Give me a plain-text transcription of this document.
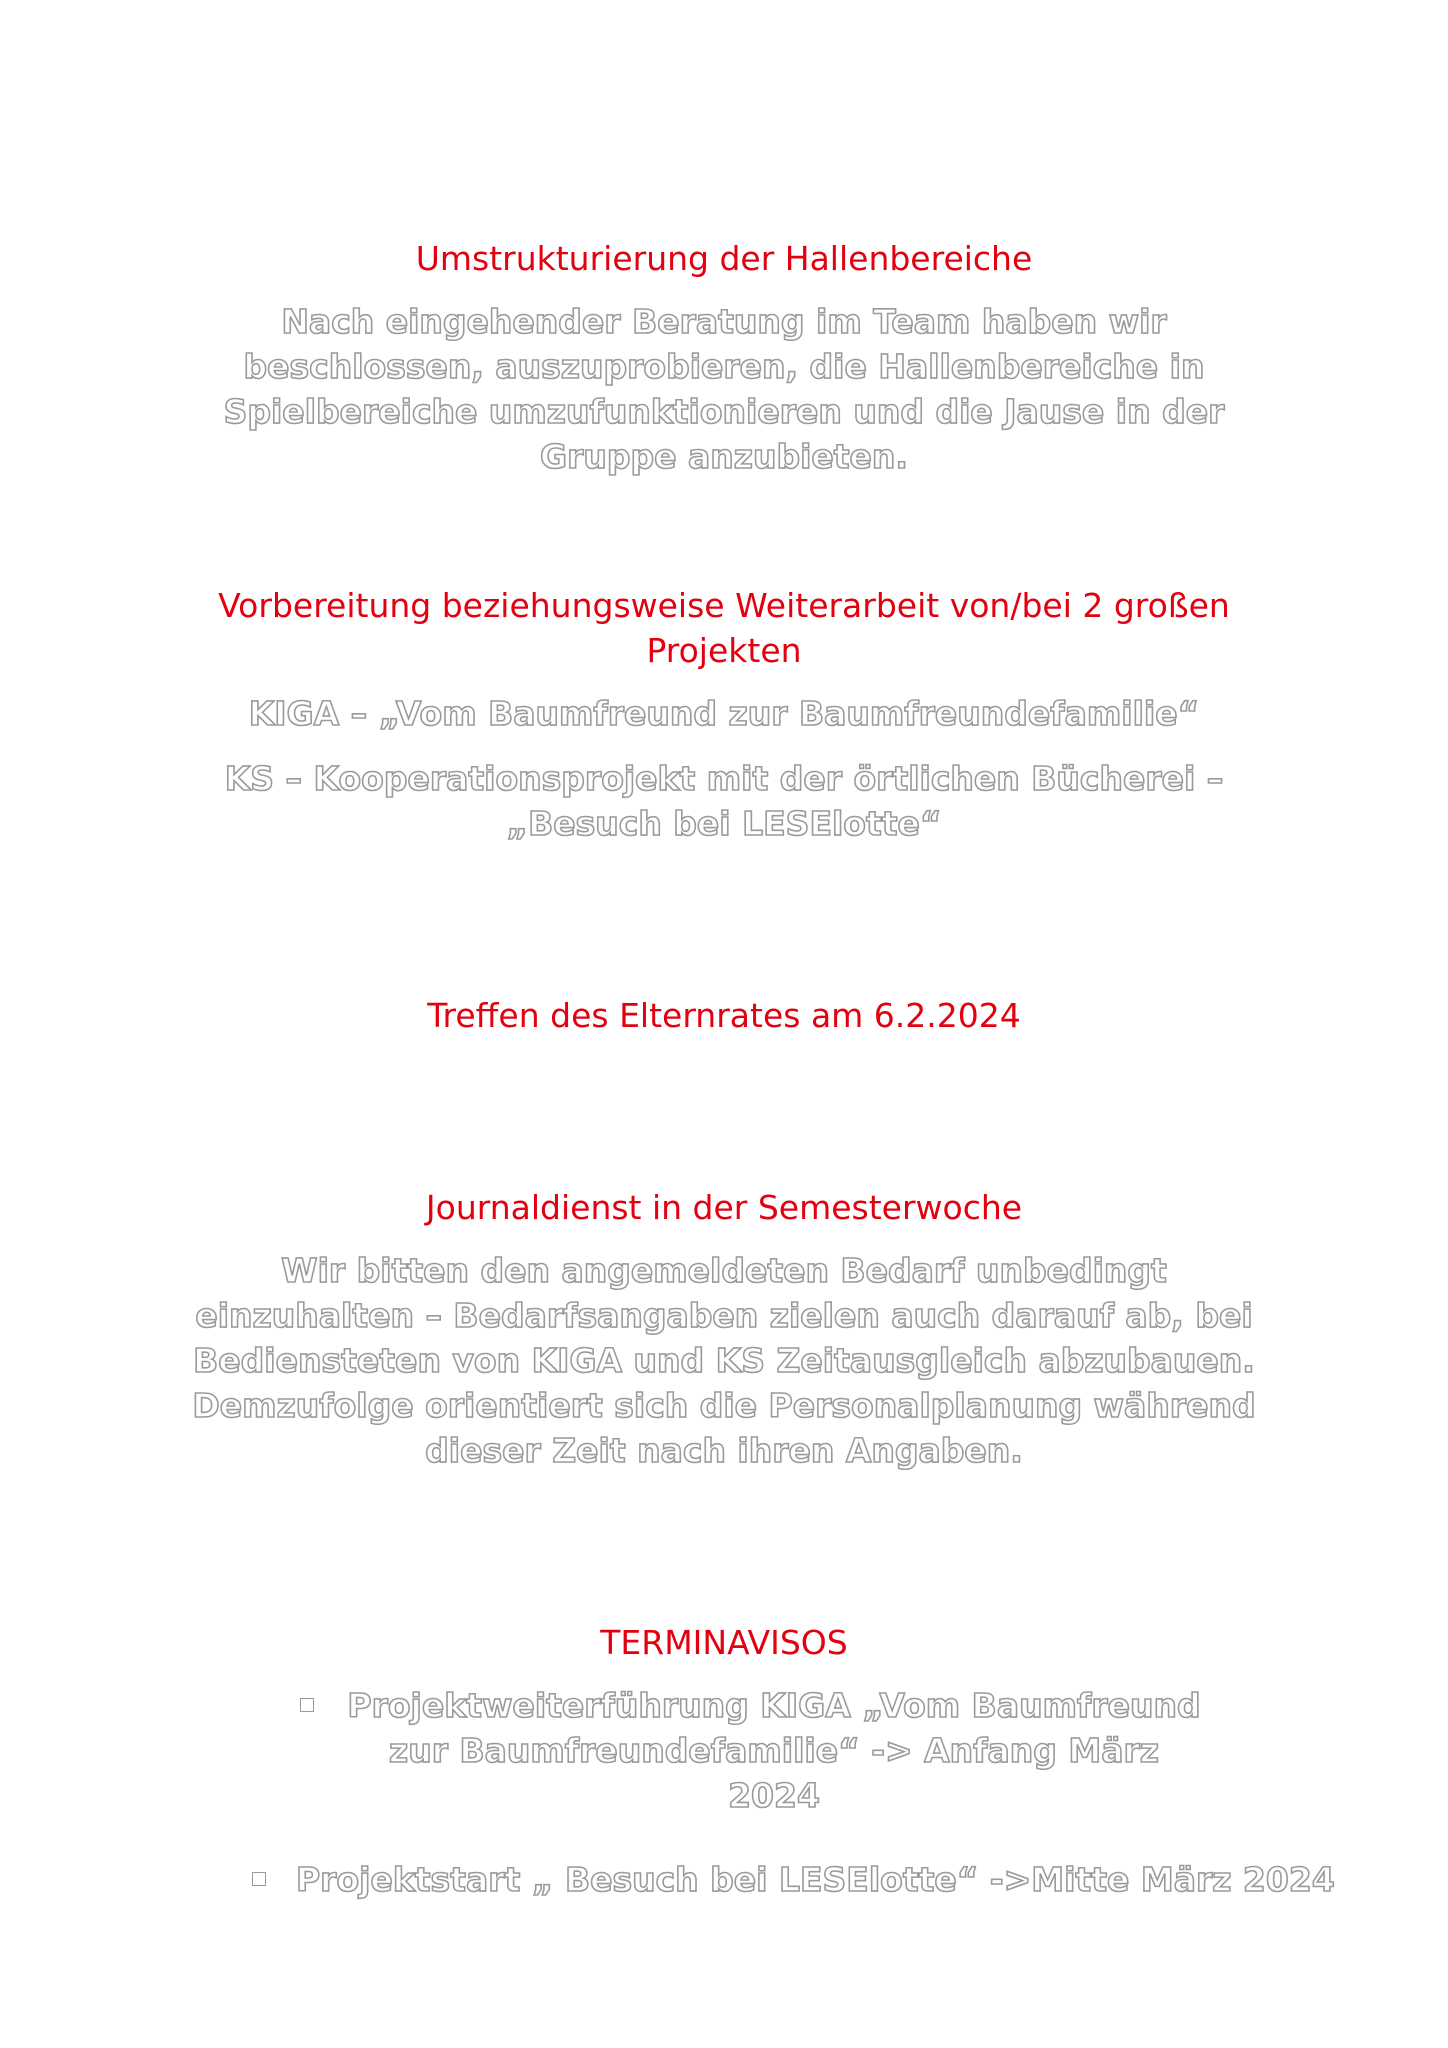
Umstrukturierung der Hallenbereiche

Nach eingehender Beratung im Team haben wir beschlossen, auszuprobieren, die Hallenbereiche in Spielbereiche umzufunktionieren und die Jause in der Gruppe anzubieten.

Vorbereitung beziehungsweise Weiterarbeit von/bei 2 großen Projekten

KIGA – „Vom Baumfreund zur Baumfreundefamilie“

KS – Kooperationsprojekt mit der örtlichen Bücherei – „Besuch bei LESElotte“

Treffen des Elternrates am 6.2.2024
Journaldienst in der Semesterwoche

Wir bitten den angemeldeten Bedarf unbedingt einzuhalten – Bedarfsangaben zielen auch darauf ab, bei Bediensteten von KIGA und KS Zeitausgleich abzubauen. Demzufolge orientiert sich die Personalplanung während dieser Zeit nach ihren Angaben.

TERMINAVISOS
Projektweiterführung KIGA „Vom Baumfreund zur Baumfreundefamilie“ -> Anfang März 2024
Projektstart „ Besuch bei LESElotte“ ->Mitte März 2024
